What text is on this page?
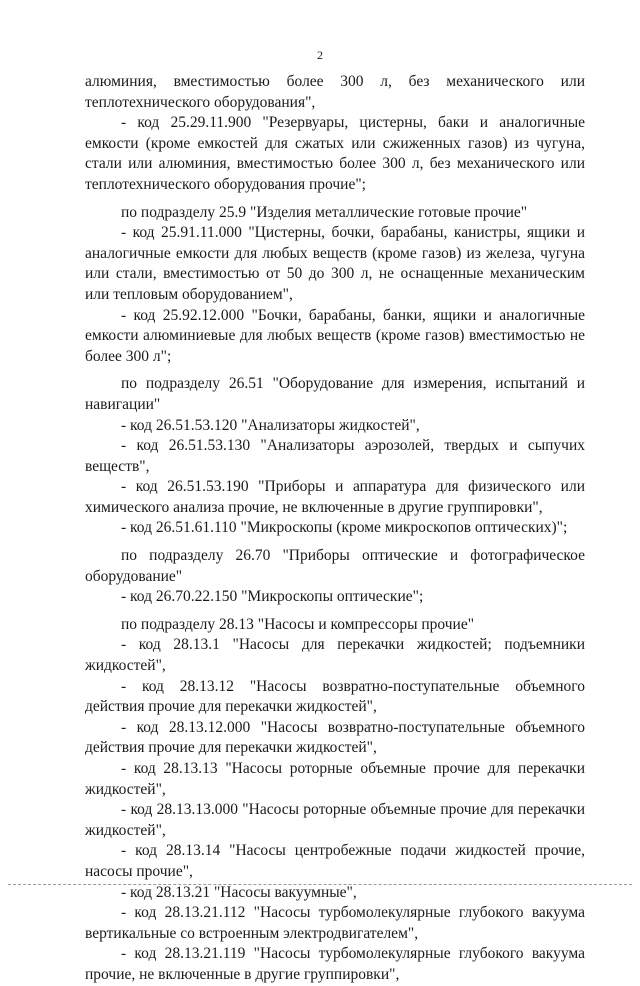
2

алюминия, вместимостью более 300 л, без механического или теплотехнического оборудования",

- код 25.29.11.900 "Резервуары, цистерны, баки и аналогичные емкости (кроме емкостей для сжатых или сжиженных газов) из чугуна, стали или алюминия, вместимостью более 300 л, без механического или теплотехнического оборудования прочие";

по подразделу 25.9 "Изделия металлические готовые прочие"

- код 25.91.11.000 "Цистерны, бочки, барабаны, канистры, ящики и аналогичные емкости для любых веществ (кроме газов) из железа, чугуна или стали, вместимостью от 50 до 300 л, не оснащенные механическим или тепловым оборудованием",

- код 25.92.12.000 "Бочки, барабаны, банки, ящики и аналогичные емкости алюминиевые для любых веществ (кроме газов) вместимостью не более 300 л";

по подразделу 26.51 "Оборудование для измерения, испытаний и навигации"

- код 26.51.53.120 "Анализаторы жидкостей",

- код 26.51.53.130 "Анализаторы аэрозолей, твердых и сыпучих веществ",

- код 26.51.53.190 "Приборы и аппаратура для физического или химического анализа прочие, не включенные в другие группировки",

- код 26.51.61.110 "Микроскопы (кроме микроскопов оптических)";

по подразделу 26.70 "Приборы оптические и фотографическое оборудование"

- код 26.70.22.150 "Микроскопы оптические";

по подразделу 28.13 "Насосы и компрессоры прочие"

- код 28.13.1 "Насосы для перекачки жидкостей; подъемники жидкостей",

- код 28.13.12 "Насосы возвратно-поступательные объемного действия прочие для перекачки жидкостей",

- код 28.13.12.000 "Насосы возвратно-поступательные объемного действия прочие для перекачки жидкостей",

- код 28.13.13 "Насосы роторные объемные прочие для перекачки жидкостей",

- код 28.13.13.000 "Насосы роторные объемные прочие для перекачки жидкостей",

- код 28.13.14 "Насосы центробежные подачи жидкостей прочие, насосы прочие",

- код 28.13.21 "Насосы вакуумные",

- код 28.13.21.112 "Насосы турбомолекулярные глубокого вакуума вертикальные со встроенным электродвигателем",

- код 28.13.21.119 "Насосы турбомолекулярные глубокого вакуума прочие, не включенные в другие группировки",
